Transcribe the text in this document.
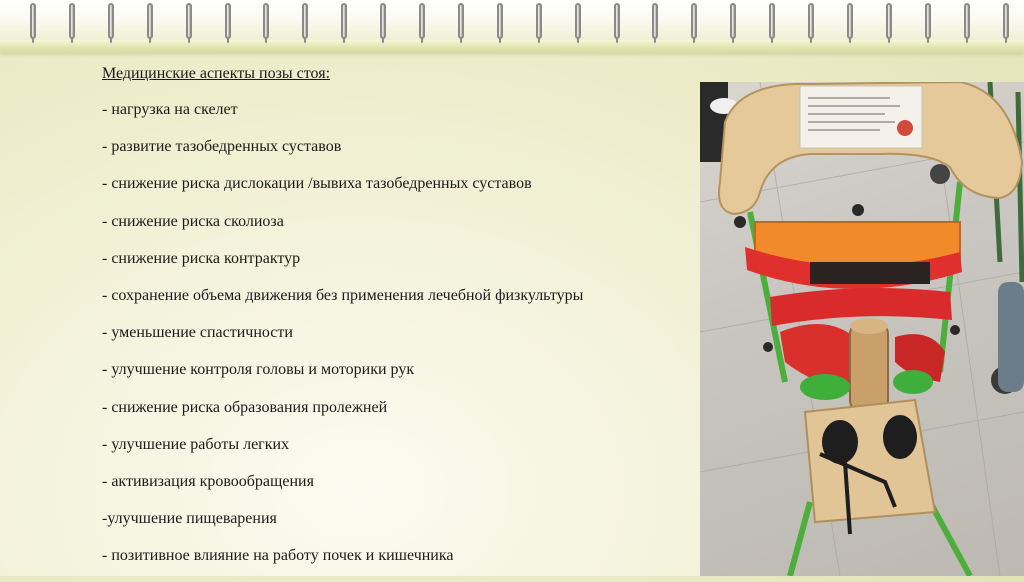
Медицинские аспекты позы стоя:
- нагрузка на скелет
- развитие тазобедренных суставов
- снижение риска дислокации /вывиха тазобедренных суставов
- снижение риска сколиоза
- снижение риска контрактур
- сохранение объема движения без применения лечебной физкультуры
- уменьшение спастичности
- улучшение контроля головы и моторики рук
- снижение риска образования пролежней
- улучшение работы легких
- активизация кровообращения
-улучшение пищеварения
- позитивное влияние на работу почек и кишечника
